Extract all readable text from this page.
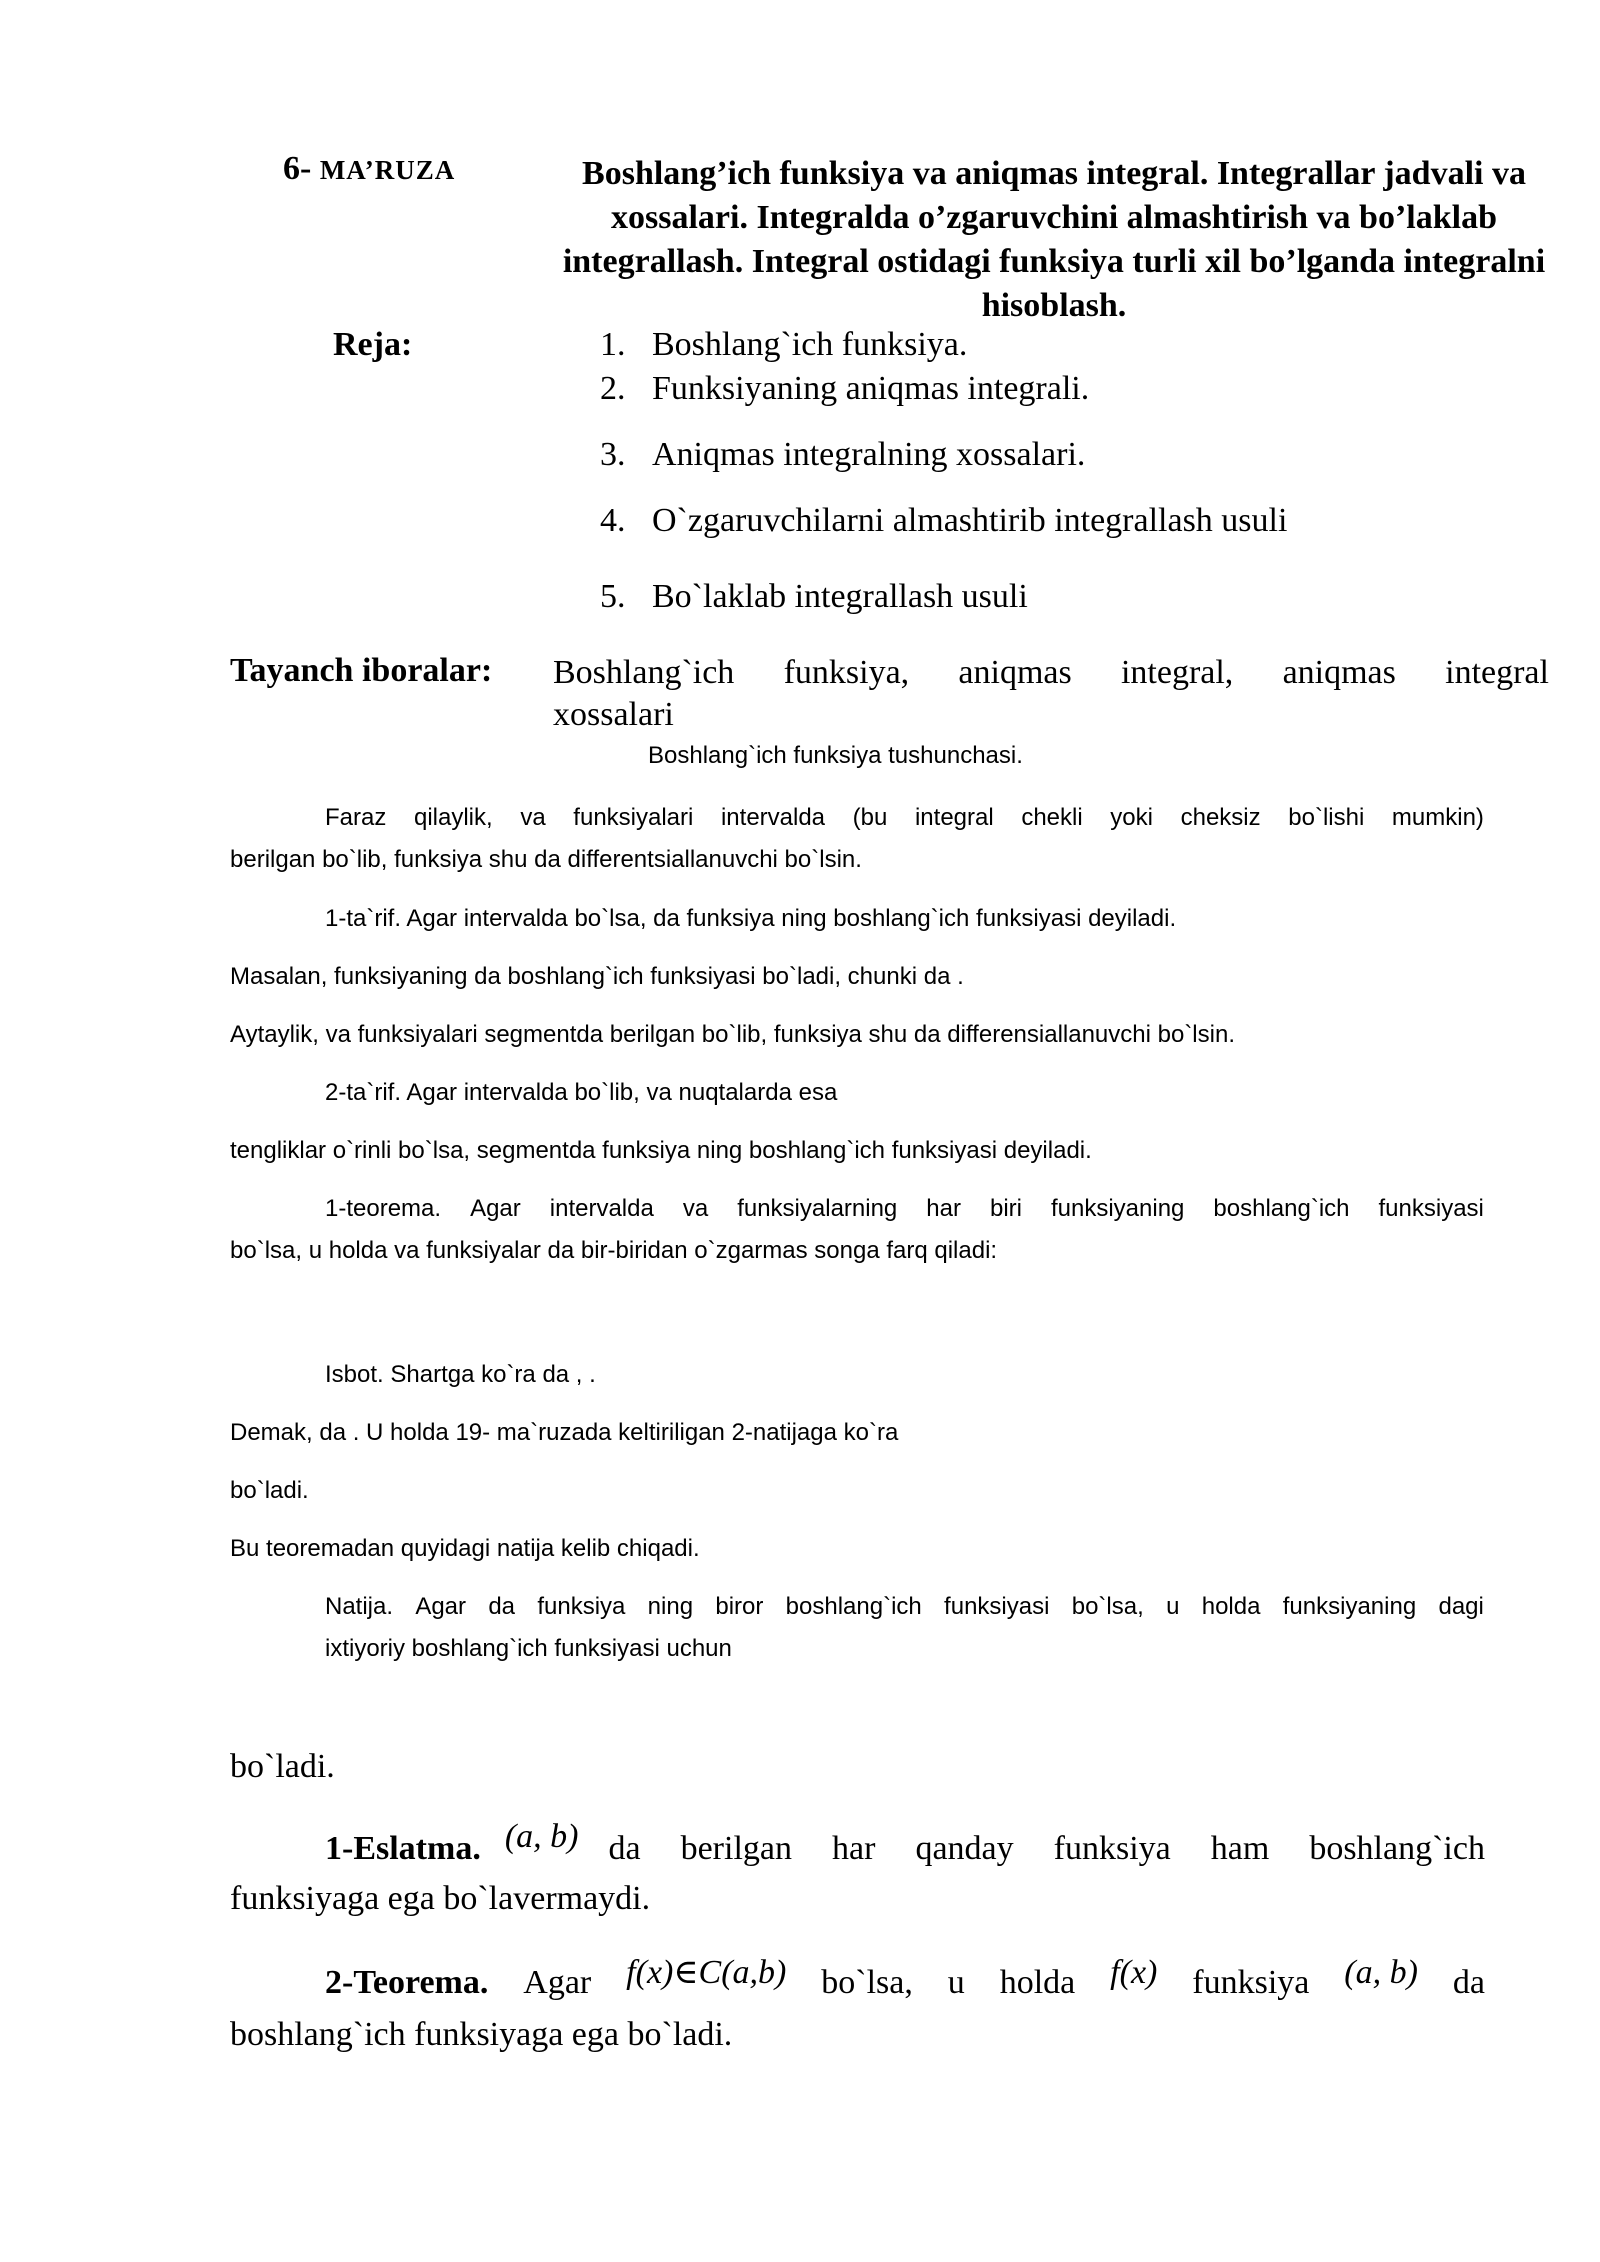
6- MA’RUZA	Boshlang’ich funksiya va aniqmas integral. Integrallar jadvali va xossalari. Integralda o’zgaruvchini almashtirish va bo’laklab integrallash. Integral ostidagi funksiya turli xil bo’lganda integralni hisoblash.
Reja:	1. Boshlang`ich funksiya.
2. Funksiyaning aniqmas integrali.
3. Aniqmas integralning xossalari.
4. O`zgaruvchilarni almashtirib integrallash usuli
5. Bo`laklab integrallash usuli
Tayanch iboralar: Boshlang`ich funksiya, aniqmas integral, aniqmas integral
xossalari
Boshlang`ich funksiya tushunchasi.
Faraz qilaylik, va funksiyalari intervalda (bu integral chekli yoki cheksiz bo`lishi mumkin)
berilgan bo`lib, funksiya shu da differentsiallanuvchi bo`lsin.
1-ta`rif. Agar intervalda bo`lsa, da funksiya ning boshlang`ich funksiyasi deyiladi.
Masalan, funksiyaning da boshlang`ich funksiyasi bo`ladi, chunki da .
Aytaylik, va funksiyalari segmentda berilgan bo`lib, funksiya shu da differensiallanuvchi bo`lsin.
2-ta`rif. Agar intervalda bo`lib, va nuqtalarda esa
tengliklar o`rinli bo`lsa, segmentda funksiya ning boshlang`ich funksiyasi deyiladi.
1-teorema. Agar intervalda va funksiyalarning har biri funksiyaning boshlang`ich funksiyasi
bo`lsa, u holda va funksiyalar da bir-biridan o`zgarmas songa farq qiladi:
Isbot. Shartga ko`ra da , .
Demak, da . U holda 19- ma`ruzada keltiriligan 2-natijaga ko`ra
bo`ladi.
Bu teoremadan quyidagi natija kelib chiqadi.
Natija. Agar da funksiya ning biror boshlang`ich funksiyasi bo`lsa, u holda funksiyaning dagi
ixtiyoriy boshlang`ich funksiyasi uchun
bo`ladi.
1-Eslatma. (a, b) da berilgan har qanday funksiya ham boshlang`ich
funksiyaga ega bo`lavermaydi.
2-Teorema. Agar f(x)∈C(a,b) bo`lsa, u holda f(x) funksiya (a, b) da
boshlang`ich funksiyaga ega bo`ladi.
